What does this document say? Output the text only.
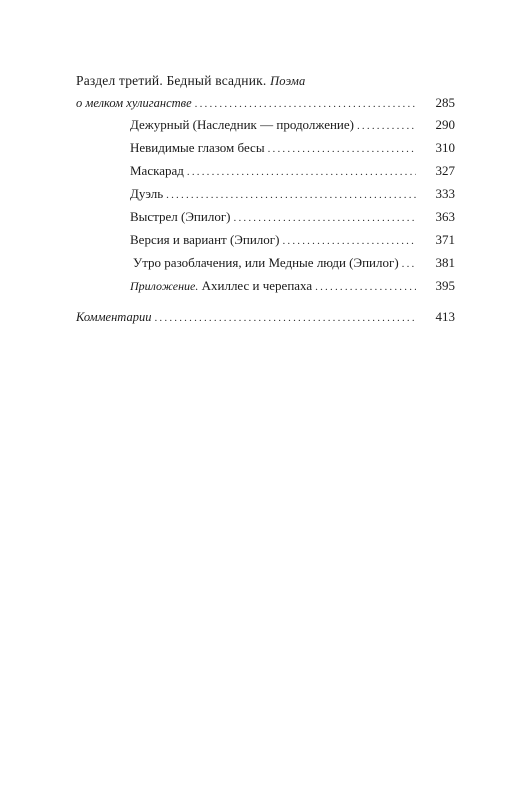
Раздел третий. Бедный всадник. Поэма
о мелком хулиганстве .....	285
Дежурный (Наследник — продолжение) .....	290
Невидимые глазом бесы .....	310
Маскарад .....	327
Дуэль .....	333
Выстрел (Эпилог) .....	363
Версия и вариант (Эпилог) .....	371
Утро разоблачения, или Медные люди (Эпилог) .....	381
Приложение. Ахиллес и черепаха .....	395
Комментарии .....	413
